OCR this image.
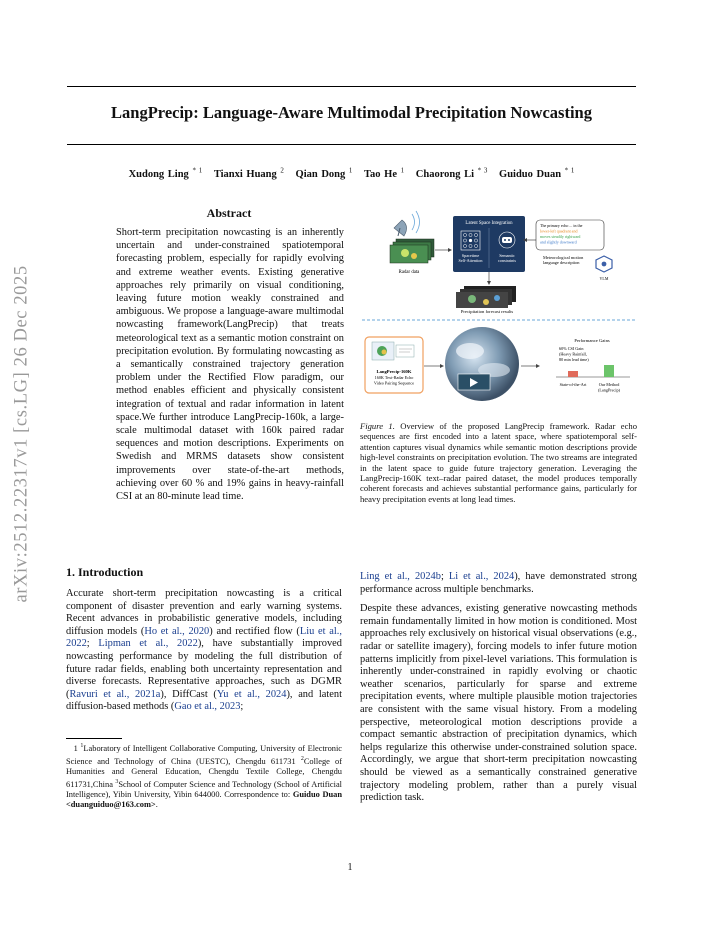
arXiv:2512.22317v1 [cs.LG] 26 Dec 2025
LangPrecip: Language-Aware Multimodal Precipitation Nowcasting
Xudong Ling $^{* 1}$ Tianxi Huang $^2$ Qian Dong $^1$ Tao He $^1$ Chaorong Li $^{* 3}$ Guiduo Duan $^{* 1}$
Abstract
Short-term precipitation nowcasting is an inherently uncertain and under-constrained spatiotemporal forecasting problem, especially for rapidly evolving and extreme weather events. Existing generative approaches rely primarily on visual conditioning, leaving future motion weakly constrained and ambiguous. We propose a language-aware multimodal nowcasting framework(LangPrecip) that treats meteorological text as a semantic motion constraint on precipitation evolution. By formulating nowcasting as a semantically constrained trajectory generation problem under the Rectified Flow paradigm, our method enables efficient and physically consistent integration of textual and radar information in latent space.We further introduce LangPrecip-160k, a large-scale multimodal dataset with 160k paired radar sequences and motion descriptions. Experiments on Swedish and MRMS datasets show consistent improvements over state-of-the-art methods, achieving over 60 % and 19% gains in heavy-rainfall CSI at an 80-minute lead time.
Radar data
Latent Space Integration
Spacetime
Self-Attention
Semantic
constraints
The primary echo ... in the
lower-left quadrant and
moves steadily rightward
and slightly downward
Meteorological motion
language description
VLM
Precipitation forecast results
LangPrecip-160K
160K Text-Radar Echo
Video Pairing Sequence
Performance Gains
60% CSI Gain
(Heavy Rainfall,
80 min lead time)
State-of-the-Art	Our Method
(LangPrecip)
Figure 1. Overview of the proposed LangPrecip framework. Radar echo sequences are first encoded into a latent space, where spatiotemporal self-attention captures visual dynamics while semantic motion descriptions provide high-level constraints on precipitation evolution. The two streams are integrated in the latent space to guide future trajectory generation. Leveraging the LangPrecip-160K text–radar paired dataset, the model produces temporally coherent forecasts and achieves substantial performance gains, particularly for heavy precipitation events at long lead times.
1. Introduction
Accurate short-term precipitation nowcasting is a critical component of disaster prevention and early warning systems. Recent advances in probabilistic generative models, including diffusion models (Ho et al., 2020) and rectified flow (Liu et al., 2022; Lipman et al., 2022), have substantially improved nowcasting performance by modeling the full distribution of future radar fields, enabling both uncertainty representation and diverse forecasts. Representative approaches, such as DGMR (Ravuri et al., 2021a), DiffCast (Yu et al., 2024), and latent diffusion-based methods (Gao et al., 2023;
1 $^1$Laboratory of Intelligent Collaborative Computing, University of Electronic Science and Technology of China (UESTC), Chengdu 611731 $^2$College of Humanities and General Education, Chengdu Textile College, Chengdu 611731,China $^3$School of Computer Science and Technology (School of Artificial Intelligence), Yibin University, Yibin 644000. Correspondence to: Guiduo Duan <duanguiduo@163.com>.

Ling et al., 2024b; Li et al., 2024), have demonstrated strong performance across multiple benchmarks.

Despite these advances, existing generative nowcasting methods remain fundamentally limited in how motion is conditioned. Most approaches rely exclusively on historical visual observations (e.g., radar or satellite imagery), forcing models to infer future motion patterns implicitly from pixel-level variations. This formulation is inherently under-constrained in rapidly evolving or chaotic weather scenarios, particularly for sparse and extreme precipitation events, where multiple plausible motion trajectories are consistent with the same visual history. From a modeling perspective, meteorological motion descriptions provide a compact semantic abstraction of precipitation dynamics, which helps regularize this otherwise under-constrained solution space. Accordingly, we argue that short-term precipitation nowcasting should be viewed as a semantically constrained generative trajectory modeling problem, rather than a purely visual prediction task.

1
